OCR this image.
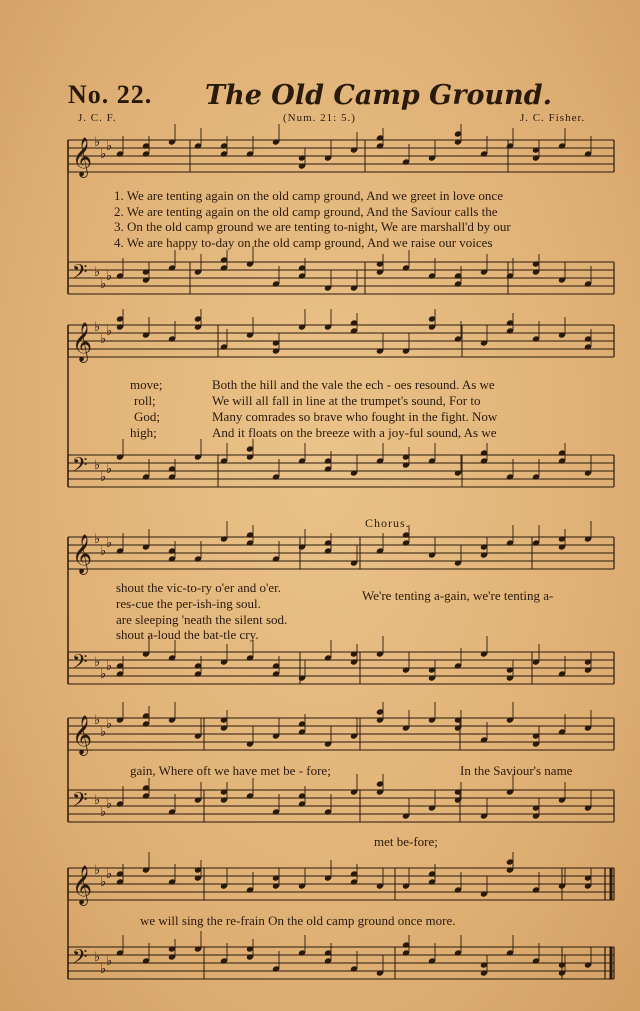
No. 22. The Old Camp Ground.
J. C. F.	(Num. 21: 5.)	J. C. Fisher.
𝄞 ♭
♭
♭
𝄢 ♭
♭
♭
𝄞 ♭
♭
♭
𝄢 ♭
♭
♭
𝄞 ♭
♭
♭
𝄢 ♭
♭
♭
𝄞 ♭
♭
♭
𝄢 ♭
♭
♭
𝄞 ♭
♭
♭
𝄢 ♭
♭
♭
1. We are tenting again on the old camp ground, And we greet in love once
2. We are tenting again on the old camp ground, And the Saviour calls the
3. On the old camp ground we are tenting to-night, We are marshall'd by our
4. We are happy to-day on the old camp ground, And we raise our voices
move;	Both the hill and the vale the ech - oes resound. As we
roll;	We will all fall in line at the trumpet's sound, For to
God;	Many comrades so brave who fought in the fight. Now
high;	And it floats on the breeze with a joy-ful sound, As we
Chorus.
shout the vic-to-ry o'er and o'er.
res-cue the per-ish-ing soul.
are sleeping 'neath the silent sod.
shout a-loud the bat-tle cry.
We're tenting a-gain, we're tenting a-
gain, Where oft we have met be - fore;	In the Saviour's name
met be-fore;
we will sing the re-frain On the old camp ground once more.
